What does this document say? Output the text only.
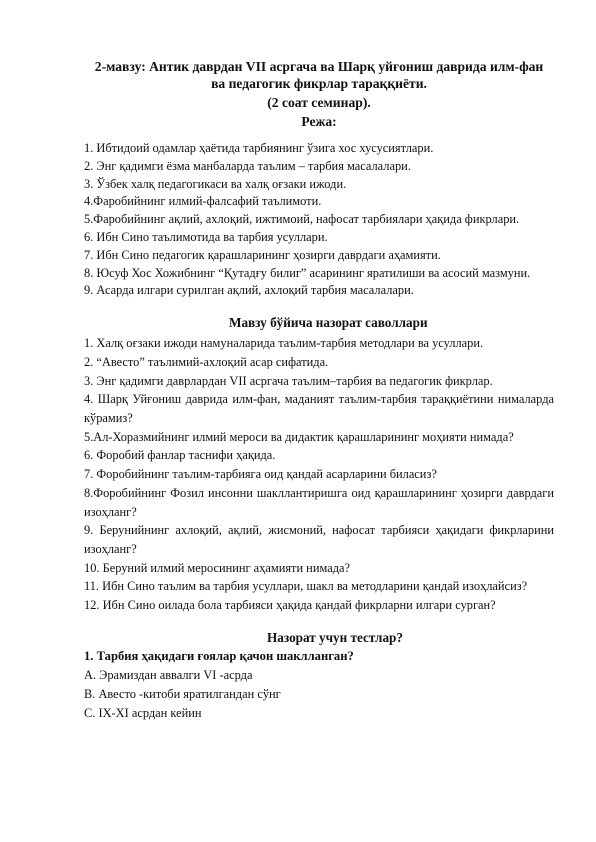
2-мавзу: Антик даврдан VII асргача ва Шарқ уйғониш даврида илм-фан
ва педагогик фикрлар тараққиёти.
(2 соат семинар).
Режа:
1. Ибтидоий одамлар ҳаётида тарбиянинг ўзига хос хусусиятлари.
2. Энг қадимги ёзма манбаларда таълим – тарбия масалалари.
3. Ўзбек халқ педагогикаси ва халқ оғзаки ижоди.
4.Фаробийнинг илмий-фалсафий таълимоти.
5.Фаробийнинг ақлий, ахлоқий, ижтимоий, нафосат тарбиялари ҳақида фикрлари.
6. Ибн Сино таълимотида ва тарбия усуллари.
7. Ибн Сино педагогик қарашларининг ҳозирги даврдаги аҳамияти.
8. Юсуф Хос Хожибнинг “Қутадғу билиг” асарининг яратилиши ва асосий мазмуни.
9. Асарда илгари сурилган ақлий, ахлоқий тарбия масалалари.
Мавзу бўйича назорат саволлари
1. Халқ оғзаки ижоди намуналарида таълим-тарбия методлари ва усуллари.
2. “Авесто” таълимий-ахлоқий асар сифатида.
3. Энг қадимги даврлардан VII асргача таълим–тарбия ва педагогик фикрлар.
4. Шарқ Уйғониш даврида илм-фан, маданият таълим-тарбия тараққиётини нималарда кўрамиз?
5.Ал-Хоразмийнинг илмий мероси ва дидактик қарашларининг моҳияти нимада?
6. Форобий фанлар таснифи ҳақида.
7. Форобийнинг таълим-тарбияга оид қандай асарларини биласиз?
8.Форобийнинг Фозил инсонни шакллантиришга оид қарашларининг ҳозирги даврдаги изоҳланг?
9. Берунийнинг ахлоқий, ақлий, жисмоний, нафосат тарбияси ҳақидаги фикрларини изоҳланг?
10. Беруний илмий меросининг аҳамияти нимада?
11. Ибн Сино таълим ва тарбия усуллари, шакл ва методларини қандай изоҳлайсиз?
12. Ибн Сино оилада бола тарбияси ҳақида қандай фикрларни илгари сурган?
Назорат учун тестлар?
1. Тарбия ҳақидаги ғоялар қачон шаклланган?
А. Эрамиздан аввалги VI -асрда
В. Авесто -китоби яратилгандан сўнг
С. IX-XI асрдан кейин
